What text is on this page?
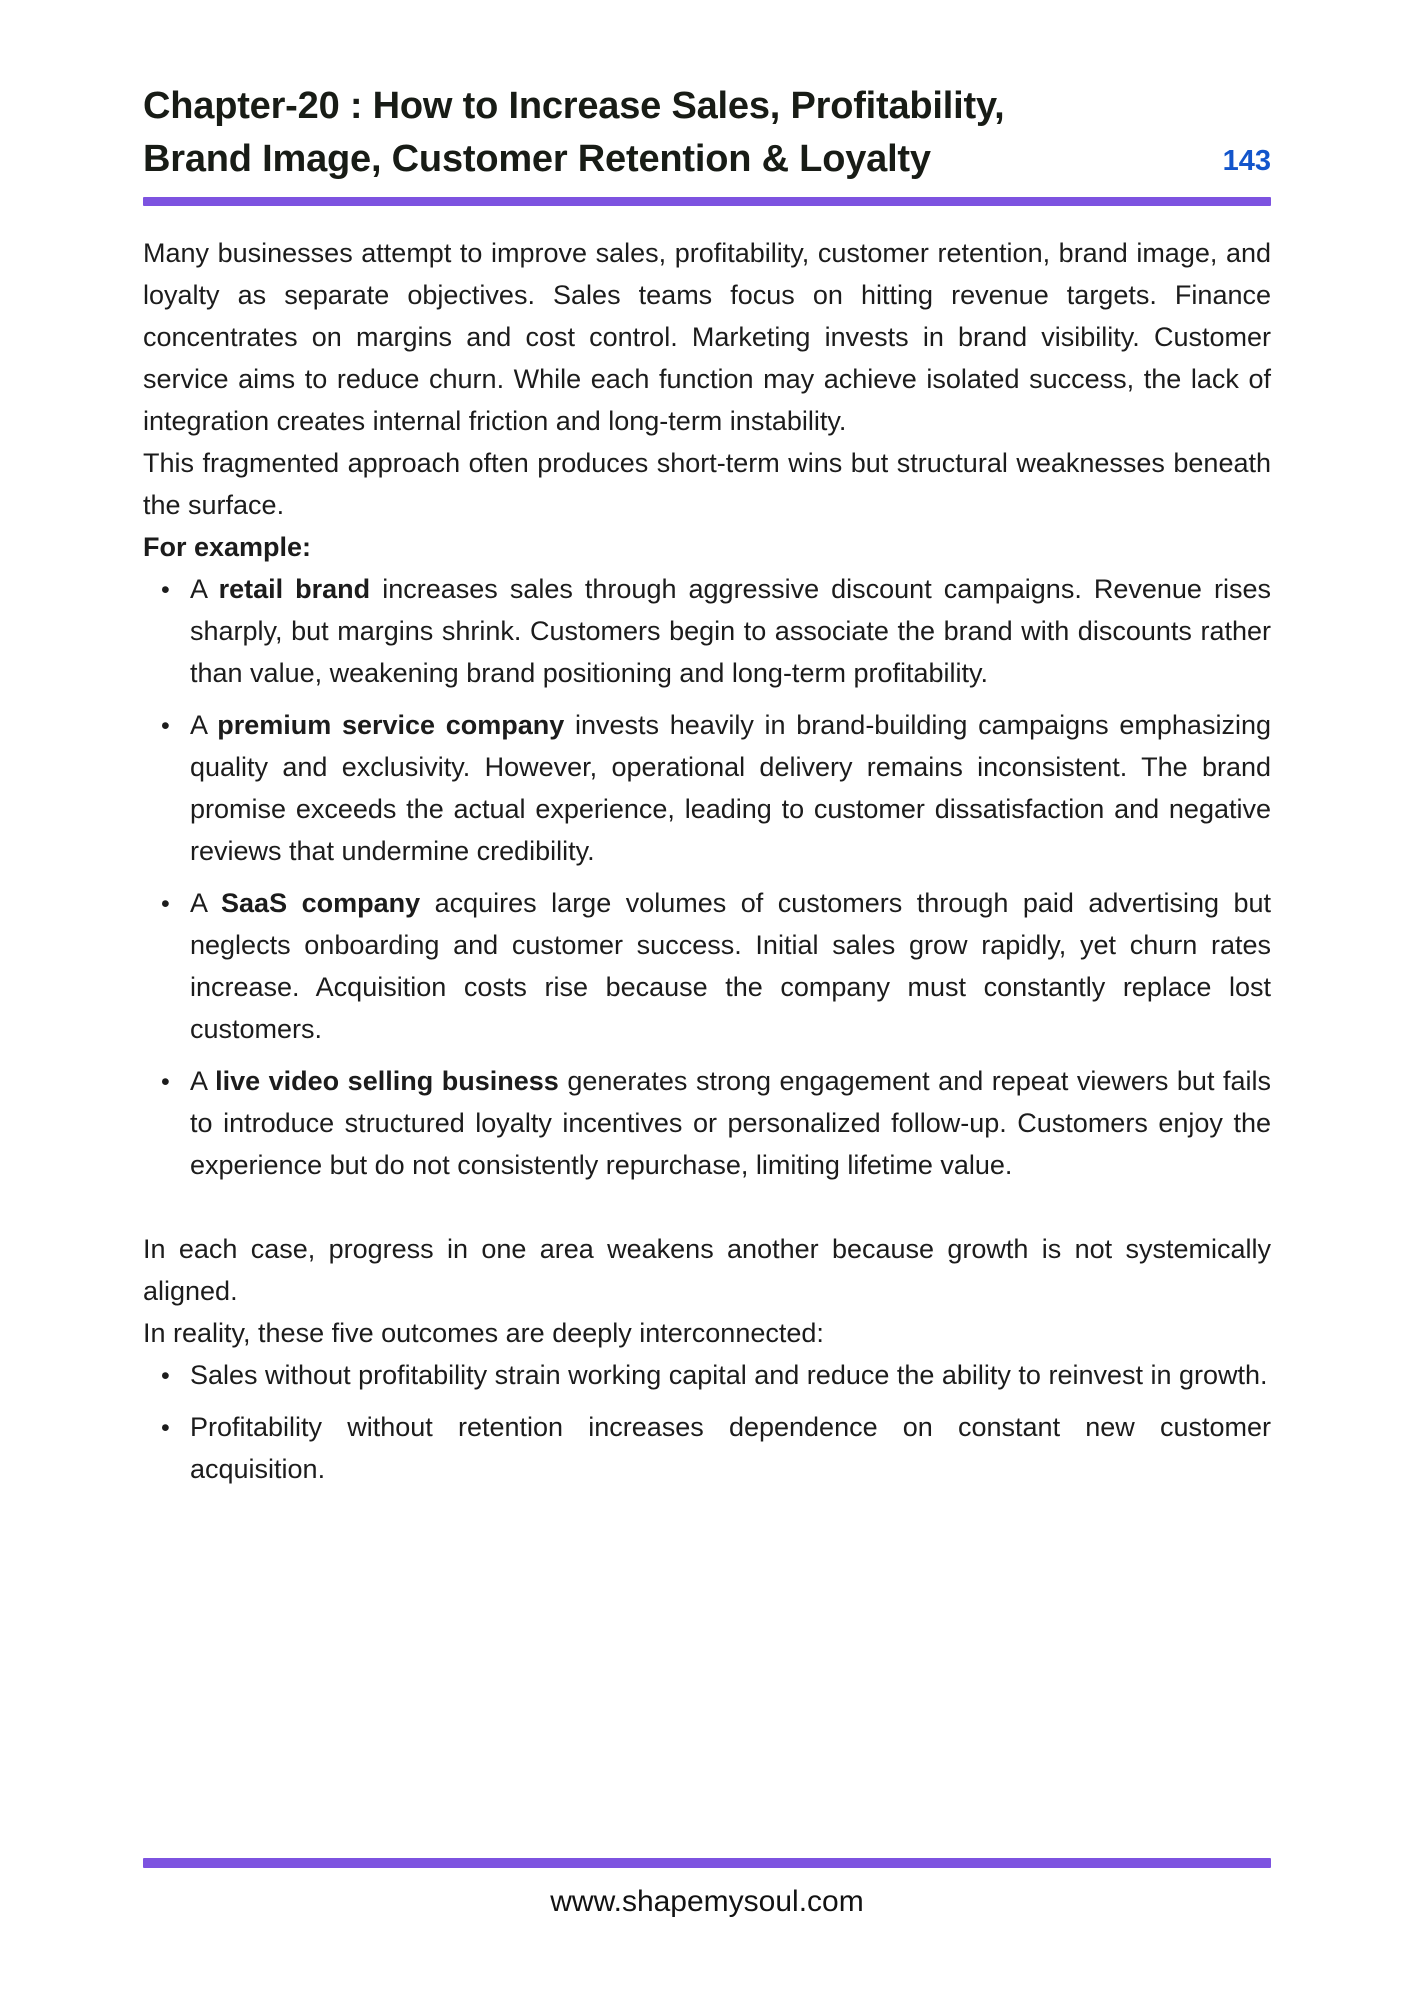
Chapter-20 : How to Increase Sales, Profitability,
Brand Image, Customer Retention & Loyalty	143

Many businesses attempt to improve sales, profitability, customer retention, brand image, and loyalty as separate objectives. Sales teams focus on hitting revenue targets. Finance concentrates on margins and cost control. Marketing invests in brand visibility. Customer service aims to reduce churn. While each function may achieve isolated success, the lack of integration creates internal friction and long-term instability.

This fragmented approach often produces short-term wins but structural weaknesses beneath the surface.

For example:

• A retail brand increases sales through aggressive discount campaigns. Revenue rises sharply, but margins shrink. Customers begin to associate the brand with discounts rather than value, weakening brand positioning and long-term profitability.
• A premium service company invests heavily in brand-building campaigns emphasizing quality and exclusivity. However, operational delivery remains inconsistent. The brand promise exceeds the actual experience, leading to customer dissatisfaction and negative reviews that undermine credibility.
• A SaaS company acquires large volumes of customers through paid advertising but neglects onboarding and customer success. Initial sales grow rapidly, yet churn rates increase. Acquisition costs rise because the company must constantly replace lost customers.
• A live video selling business generates strong engagement and repeat viewers but fails to introduce structured loyalty incentives or personalized follow-up. Customers enjoy the experience but do not consistently repurchase, limiting lifetime value.

In each case, progress in one area weakens another because growth is not systemically aligned.

In reality, these five outcomes are deeply interconnected:

• Sales without profitability strain working capital and reduce the ability to reinvest in growth.
• Profitability without retention increases dependence on constant new customer acquisition.
www.shapemysoul.com
